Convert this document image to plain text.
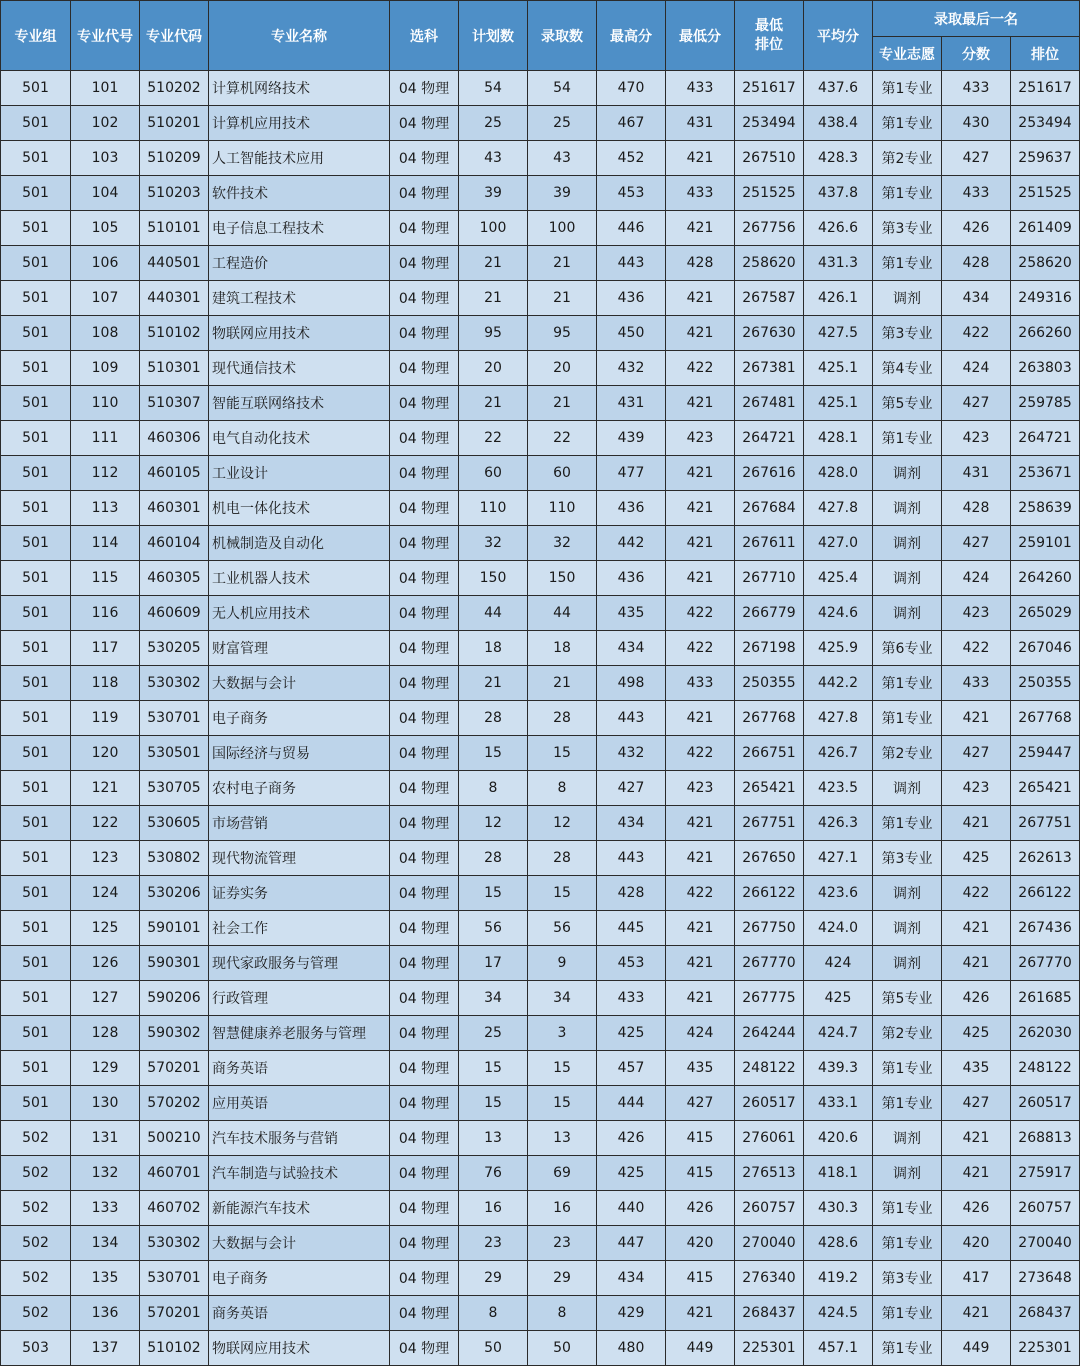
专业组	专业代号	专业代码	专业名称	选科	计划数	录取数	最高分	最低分	最低
排位	平均分	录取最后一名		
											专业志愿	分数	排位
501	101	510202	计算机网络技术	04 物理	54	54	470	433	251617	437.6	第1专业	433	251617
501	102	510201	计算机应用技术	04 物理	25	25	467	431	253494	438.4	第1专业	430	253494
501	103	510209	人工智能技术应用	04 物理	43	43	452	421	267510	428.3	第2专业	427	259637
501	104	510203	软件技术	04 物理	39	39	453	433	251525	437.8	第1专业	433	251525
501	105	510101	电子信息工程技术	04 物理	100	100	446	421	267756	426.6	第3专业	426	261409
501	106	440501	工程造价	04 物理	21	21	443	428	258620	431.3	第1专业	428	258620
501	107	440301	建筑工程技术	04 物理	21	21	436	421	267587	426.1	调剂	434	249316
501	108	510102	物联网应用技术	04 物理	95	95	450	421	267630	427.5	第3专业	422	266260
501	109	510301	现代通信技术	04 物理	20	20	432	422	267381	425.1	第4专业	424	263803
501	110	510307	智能互联网络技术	04 物理	21	21	431	421	267481	425.1	第5专业	427	259785
501	111	460306	电气自动化技术	04 物理	22	22	439	423	264721	428.1	第1专业	423	264721
501	112	460105	工业设计	04 物理	60	60	477	421	267616	428.0	调剂	431	253671
501	113	460301	机电一体化技术	04 物理	110	110	436	421	267684	427.8	调剂	428	258639
501	114	460104	机械制造及自动化	04 物理	32	32	442	421	267611	427.0	调剂	427	259101
501	115	460305	工业机器人技术	04 物理	150	150	436	421	267710	425.4	调剂	424	264260
501	116	460609	无人机应用技术	04 物理	44	44	435	422	266779	424.6	调剂	423	265029
501	117	530205	财富管理	04 物理	18	18	434	422	267198	425.9	第6专业	422	267046
501	118	530302	大数据与会计	04 物理	21	21	498	433	250355	442.2	第1专业	433	250355
501	119	530701	电子商务	04 物理	28	28	443	421	267768	427.8	第1专业	421	267768
501	120	530501	国际经济与贸易	04 物理	15	15	432	422	266751	426.7	第2专业	427	259447
501	121	530705	农村电子商务	04 物理	8	8	427	423	265421	423.5	调剂	423	265421
501	122	530605	市场营销	04 物理	12	12	434	421	267751	426.3	第1专业	421	267751
501	123	530802	现代物流管理	04 物理	28	28	443	421	267650	427.1	第3专业	425	262613
501	124	530206	证券实务	04 物理	15	15	428	422	266122	423.6	调剂	422	266122
501	125	590101	社会工作	04 物理	56	56	445	421	267750	424.0	调剂	421	267436
501	126	590301	现代家政服务与管理	04 物理	17	9	453	421	267770	424	调剂	421	267770
501	127	590206	行政管理	04 物理	34	34	433	421	267775	425	第5专业	426	261685
501	128	590302	智慧健康养老服务与管理	04 物理	25	3	425	424	264244	424.7	第2专业	425	262030
501	129	570201	商务英语	04 物理	15	15	457	435	248122	439.3	第1专业	435	248122
501	130	570202	应用英语	04 物理	15	15	444	427	260517	433.1	第1专业	427	260517
502	131	500210	汽车技术服务与营销	04 物理	13	13	426	415	276061	420.6	调剂	421	268813
502	132	460701	汽车制造与试验技术	04 物理	76	69	425	415	276513	418.1	调剂	421	275917
502	133	460702	新能源汽车技术	04 物理	16	16	440	426	260757	430.3	第1专业	426	260757
502	134	530302	大数据与会计	04 物理	23	23	447	420	270040	428.6	第1专业	420	270040
502	135	530701	电子商务	04 物理	29	29	434	415	276340	419.2	第3专业	417	273648
502	136	570201	商务英语	04 物理	8	8	429	421	268437	424.5	第1专业	421	268437
503	137	510102	物联网应用技术	04 物理	50	50	480	449	225301	457.1	第1专业	449	225301
